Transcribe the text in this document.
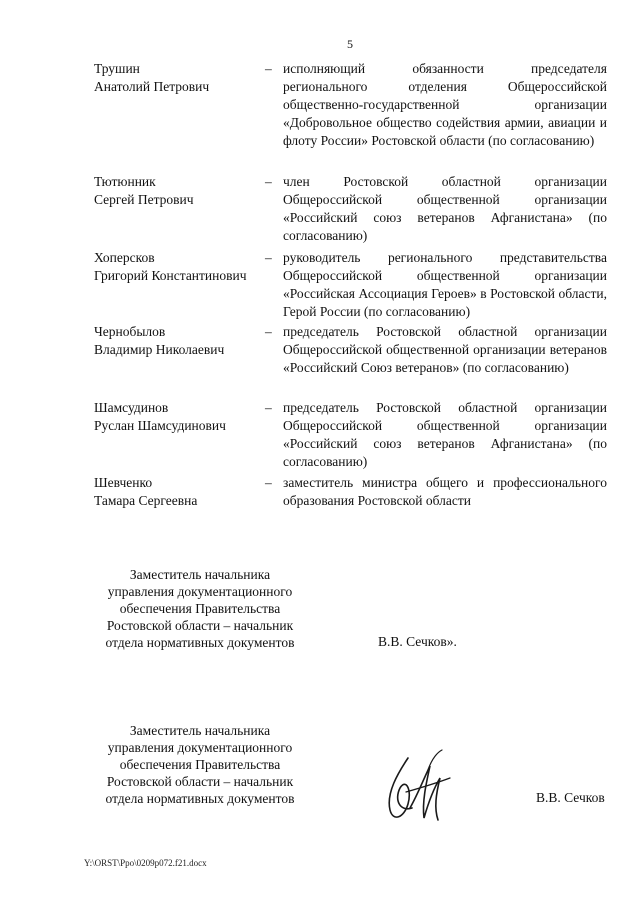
5
Трушин
Анатолий Петрович
– исполняющий обязанности председателя регионального отделения Общероссийской общественно-государственной организации «Добровольное общество содействия армии, авиации и флоту России» Ростовской области (по согласованию)
Тютюнник
Сергей Петрович
– член Ростовской областной организации Общероссийской общественной организации «Российский союз ветеранов Афганистана» (по согласованию)
Хоперсков
Григорий Константинович
– руководитель регионального представительства Общероссийской общественной организации «Российская Ассоциация Героев» в Ростовской области, Герой России (по согласованию)
Чернобылов
Владимир Николаевич
– председатель Ростовской областной организации Общероссийской общественной организации ветеранов «Российский Союз ветеранов» (по согласованию)
Шамсудинов
Руслан Шамсудинович
– председатель Ростовской областной организации Общероссийской общественной организации «Российский союз ветеранов Афганистана» (по согласованию)
Шевченко
Тамара Сергеевна
– заместитель министра общего и профессионального образования Ростовской области
Заместитель начальника
управления документационного
обеспечения Правительства
Ростовской области – начальник
отдела нормативных документов	В.В. Сечков».
Заместитель начальника
управления документационного
обеспечения Правительства
Ростовской области – начальник
отдела нормативных документов	В.В. Сечков
Y:\ORST\Ppo\0209p072.f21.docx
